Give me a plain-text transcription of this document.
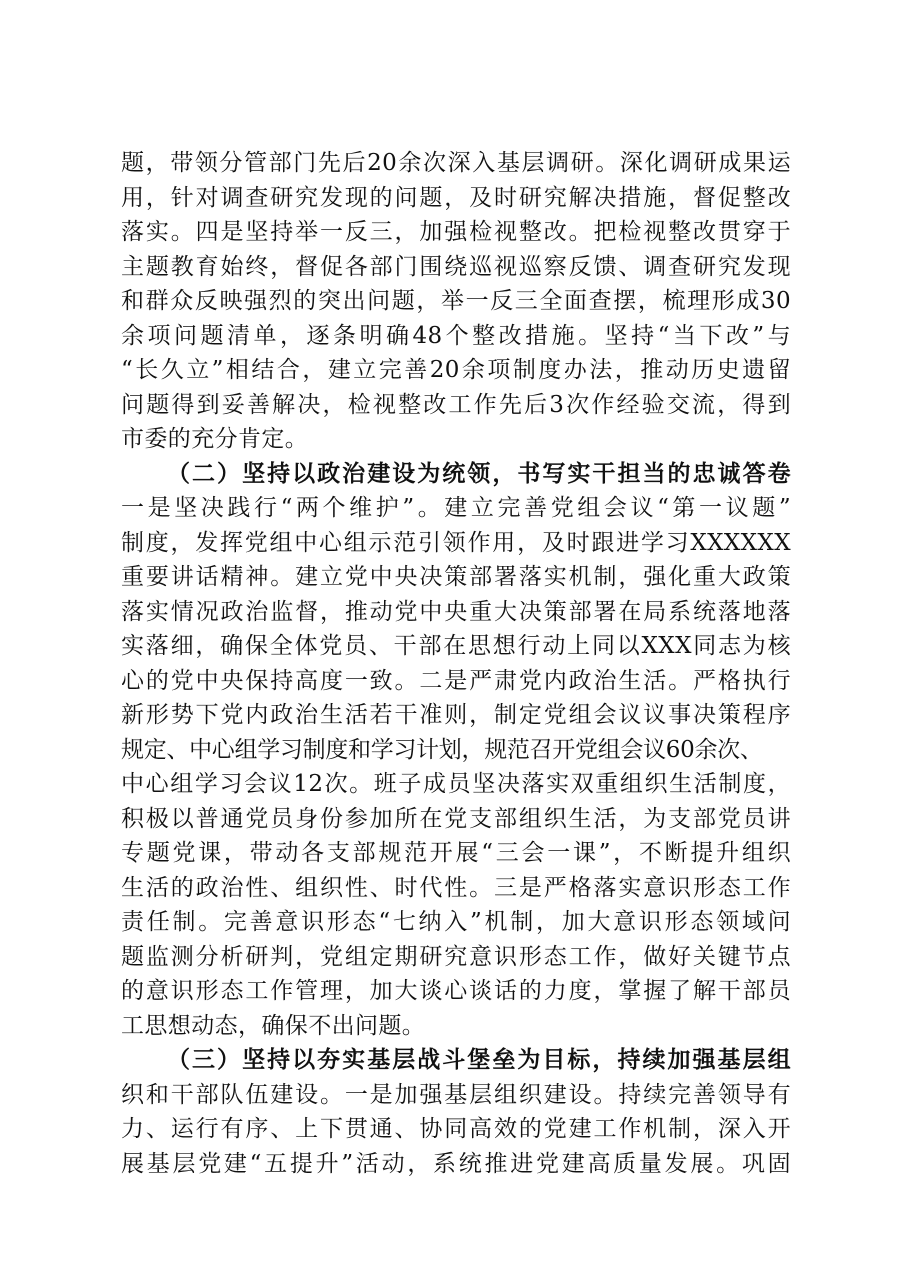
题，带领分管部门先后20余次深入基层调研。深化调研成果运
用，针对调查研究发现的问题，及时研究解决措施，督促整改
落实。四是坚持举一反三，加强检视整改。把检视整改贯穿于
主题教育始终，督促各部门围绕巡视巡察反馈、调查研究发现
和群众反映强烈的突出问题，举一反三全面查摆，梳理形成30
余项问题清单，逐条明确48个整改措施。坚持“当下改”与
“长久立”相结合，建立完善20余项制度办法，推动历史遗留
问题得到妥善解决，检视整改工作先后3次作经验交流，得到
市委的充分肯定。
（二）坚持以政治建设为统领，书写实干担当的忠诚答卷
一是坚决践行“两个维护”。建立完善党组会议“第一议题”
制度，发挥党组中心组示范引领作用，及时跟进学习XXXXXX
重要讲话精神。建立党中央决策部署落实机制，强化重大政策
落实情况政治监督，推动党中央重大决策部署在局系统落地落
实落细，确保全体党员、干部在思想行动上同以XXX同志为核
心的党中央保持高度一致。二是严肃党内政治生活。严格执行
新形势下党内政治生活若干准则，制定党组会议议事决策程序
规定、中心组学习制度和学习计划，规范召开党组会议60余次、
中心组学习会议12次。班子成员坚决落实双重组织生活制度，
积极以普通党员身份参加所在党支部组织生活，为支部党员讲
专题党课，带动各支部规范开展“三会一课”，不断提升组织
生活的政治性、组织性、时代性。三是严格落实意识形态工作
责任制。完善意识形态“七纳入”机制，加大意识形态领域问
题监测分析研判，党组定期研究意识形态工作，做好关键节点
的意识形态工作管理，加大谈心谈话的力度，掌握了解干部员
工思想动态，确保不出问题。
（三）坚持以夯实基层战斗堡垒为目标，持续加强基层组
织和干部队伍建设。一是加强基层组织建设。持续完善领导有
力、运行有序、上下贯通、协同高效的党建工作机制，深入开
展基层党建“五提升”活动，系统推进党建高质量发展。巩固
